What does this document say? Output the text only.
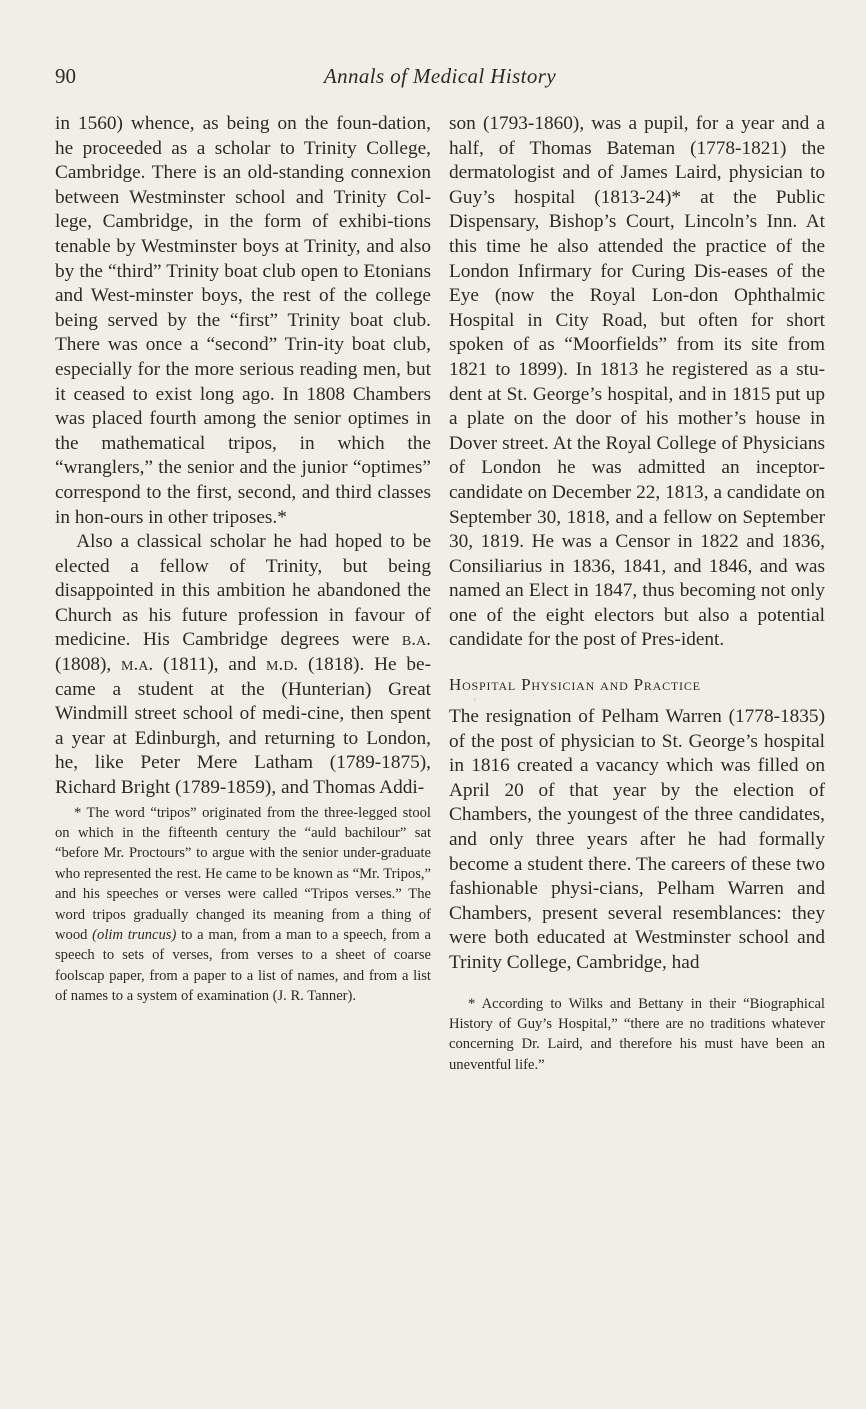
90	Annals of Medical History

in 1560) whence, as being on the foun-dation, he proceeded as a scholar to Trinity College, Cambridge. There is an old-standing connexion between Westminster school and Trinity Col-lege, Cambridge, in the form of exhibi-tions tenable by Westminster boys at Trinity, and also by the “third” Trinity boat club open to Etonians and West-minster boys, the rest of the college being served by the “first” Trinity boat club. There was once a “second” Trin-ity boat club, especially for the more serious reading men, but it ceased to exist long ago. In 1808 Chambers was placed fourth among the senior optimes in the mathematical tripos, in which the “wranglers,” the senior and the junior “optimes” correspond to the first, second, and third classes in hon-ours in other triposes.*

Also a classical scholar he had hoped to be elected a fellow of Trinity, but being disappointed in this ambition he abandoned the Church as his future profession in favour of medicine. His Cambridge degrees were b.a. (1808), m.a. (1811), and m.d. (1818). He be-came a student at the (Hunterian) Great Windmill street school of medi-cine, then spent a year at Edinburgh, and returning to London, he, like Peter Mere Latham (1789-1875), Richard Bright (1789-1859), and Thomas Addi-

* The word “tripos” originated from the three-legged stool on which in the fifteenth century the “auld bachilour” sat “before Mr. Proctours” to argue with the senior under-graduate who represented the rest. He came to be known as “Mr. Tripos,” and his speeches or verses were called “Tripos verses.” The word tripos gradually changed its meaning from a thing of wood (olim truncus) to a man, from a man to a speech, from a speech to sets of verses, from verses to a sheet of coarse foolscap paper, from a paper to a list of names, and from a list of names to a system of examination (J. R. Tanner).

son (1793-1860), was a pupil, for a year and a half, of Thomas Bateman (1778-1821) the dermatologist and of James Laird, physician to Guy’s hospital (1813-24)* at the Public Dispensary, Bishop’s Court, Lincoln’s Inn. At this time he also attended the practice of the London Infirmary for Curing Dis-eases of the Eye (now the Royal Lon-don Ophthalmic Hospital in City Road, but often for short spoken of as “Moorfields” from its site from 1821 to 1899). In 1813 he registered as a stu-dent at St. George’s hospital, and in 1815 put up a plate on the door of his mother’s house in Dover street. At the Royal College of Physicians of London he was admitted an inceptor-candidate on December 22, 1813, a candidate on September 30, 1818, and a fellow on September 30, 1819. He was a Censor in 1822 and 1836, Consiliarius in 1836, 1841, and 1846, and was named an Elect in 1847, thus becoming not only one of the eight electors but also a potential candidate for the post of Pres-ident.

Hospital Physician and Practice
‹

The resignation of Pelham Warren (1778-1835) of the post of physician to St. George’s hospital in 1816 created a vacancy which was filled on April 20 of that year by the election of Chambers, the youngest of the three candidates, and only three years after he had formally become a student there. The careers of these two fashionable physi-cians, Pelham Warren and Chambers, present several resemblances: they were both educated at Westminster school and Trinity College, Cambridge, had

* According to Wilks and Bettany in their “Biographical History of Guy’s Hospital,” “there are no traditions whatever concerning Dr. Laird, and therefore his must have been an uneventful life.”
